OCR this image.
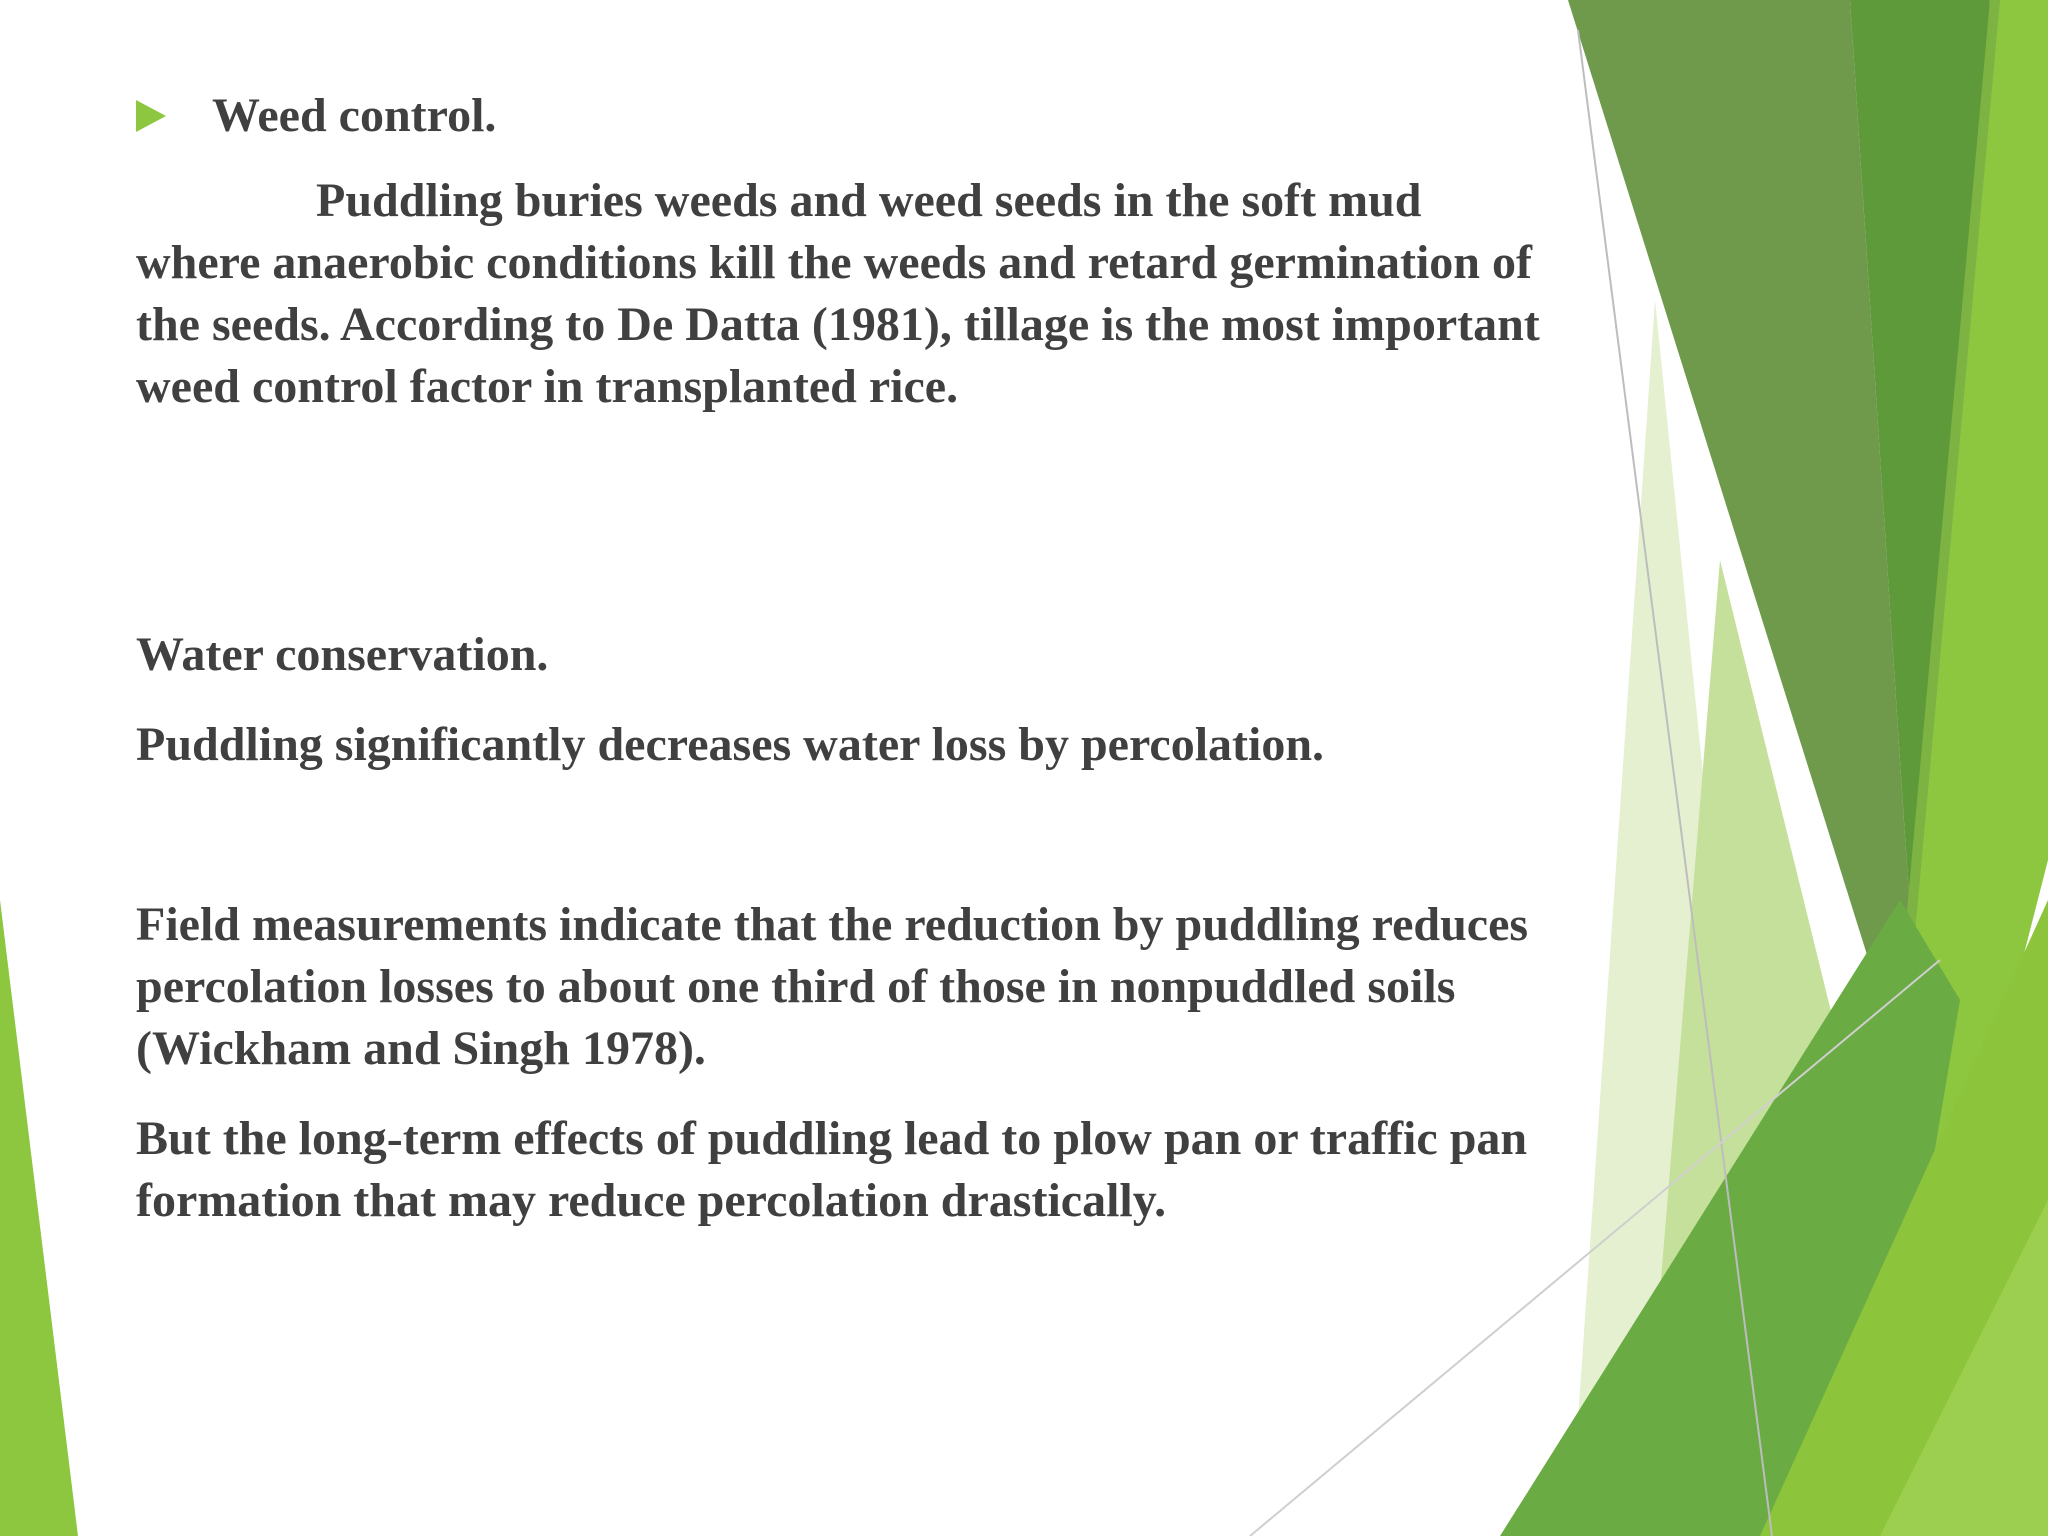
Weed control.

Puddling buries weeds and weed seeds in the soft mud where anaerobic conditions kill the weeds and retard germination of the seeds. According to De Datta (1981), tillage is the most important weed control factor in transplanted rice.

Water conservation.

Puddling significantly decreases water loss by percolation.

Field measurements indicate that the reduction by puddling reduces percolation losses to about one third of those in nonpuddled soils (Wickham and Singh 1978).

But the long-term effects of puddling lead to plow pan or traffic pan formation that may reduce percolation drastically.
